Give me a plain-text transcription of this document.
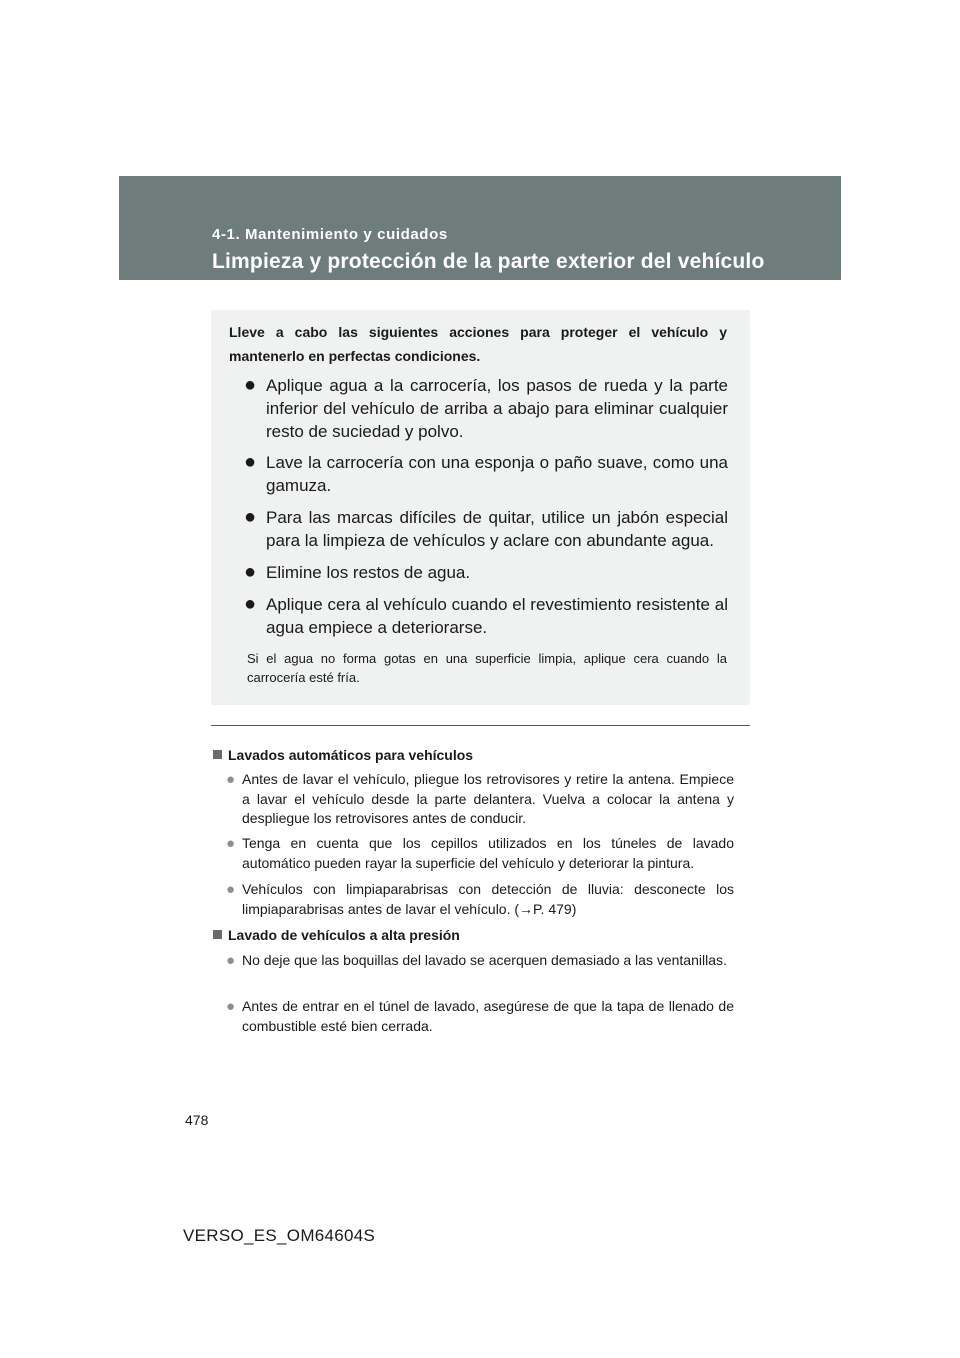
4-1. Mantenimiento y cuidados
Limpieza y protección de la parte exterior del vehículo
Lleve a cabo las siguientes acciones para proteger el vehículo y mantenerlo en perfectas condiciones.
● Aplique agua a la carrocería, los pasos de rueda y la parte inferior del vehículo de arriba a abajo para eliminar cualquier resto de suciedad y polvo.
● Lave la carrocería con una esponja o paño suave, como una gamuza.
● Para las marcas difíciles de quitar, utilice un jabón especial para la limpieza de vehículos y aclare con abundante agua.
● Elimine los restos de agua.
● Aplique cera al vehículo cuando el revestimiento resistente al agua empiece a deteriorarse.
Si el agua no forma gotas en una superficie limpia, aplique cera cuando la carrocería esté fría.
Lavados automáticos para vehículos
● Antes de lavar el vehículo, pliegue los retrovisores y retire la antena. Empiece a lavar el vehículo desde la parte delantera. Vuelva a colocar la antena y despliegue los retrovisores antes de conducir.
● Tenga en cuenta que los cepillos utilizados en los túneles de lavado automático pueden rayar la superficie del vehículo y deteriorar la pintura.
● Vehículos con limpiaparabrisas con detección de lluvia: desconecte los limpiaparabrisas antes de lavar el vehículo. (→P. 479)
Lavado de vehículos a alta presión
● No deje que las boquillas del lavado se acerquen demasiado a las ventanillas.
● Antes de entrar en el túnel de lavado, asegúrese de que la tapa de llenado de combustible esté bien cerrada.
478
VERSO_ES_OM64604S
